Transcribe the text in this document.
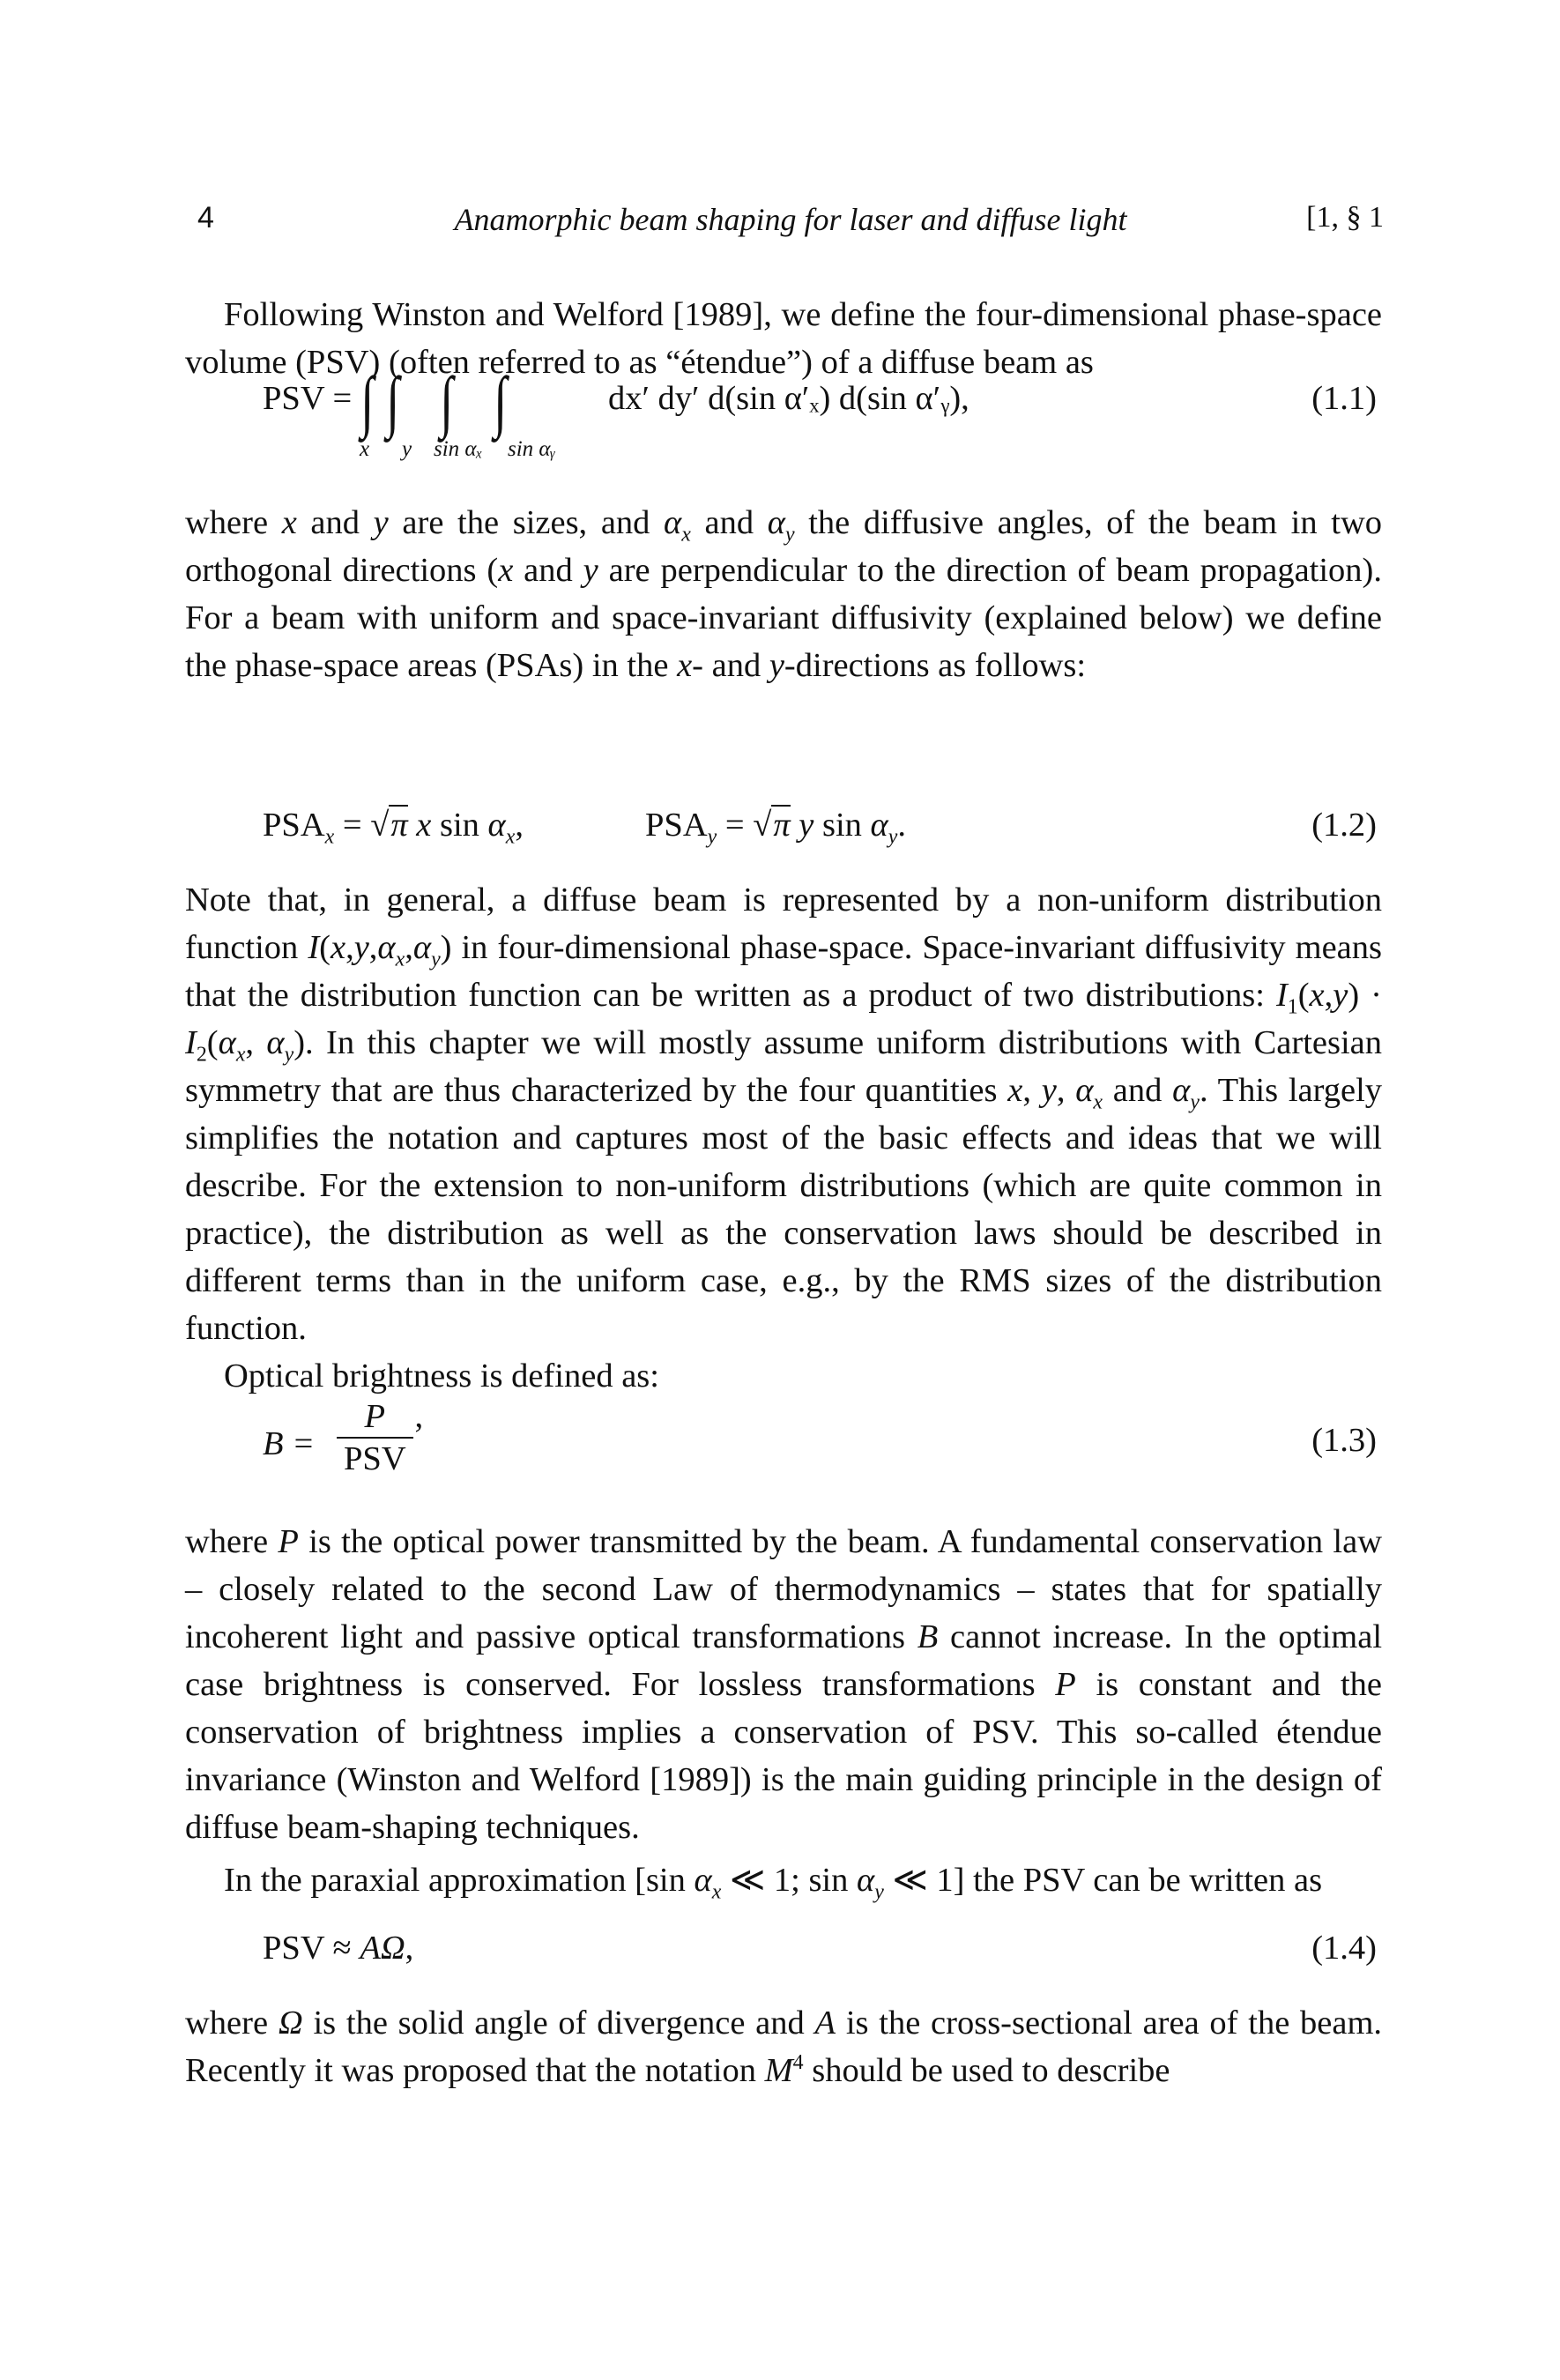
4	Anamorphic beam shaping for laser and diffuse light	[1, § 1

Following Winston and Welford [1989], we define the four-dimensional phase-space volume (PSV) (often referred to as “étendue”) of a diffuse beam as

PSV = ∫ ∫ ∫ ∫
x y sin αₓ sin αᵧ
dx′ dy′ d(sin α′ₓ) d(sin α′ᵧ),	(1.1)

where x and y are the sizes, and $\alpha_x$ and $\alpha_y$ the diffusive angles, of the beam in two orthogonal directions (x and y are perpendicular to the direction of beam propagation). For a beam with uniform and space-invariant diffusivity (explained below) we define the phase-space areas (PSAs) in the x- and y-directions as follows:

$PSA_x = √\pi$ x $\sin \alpha_x$,	$PSA_y = √\pi$ y $\sin \alpha_y$.	(1.2)

Note that, in general, a diffuse beam is represented by a non-uniform distribution function $I(x,y,\alpha_x,\alpha_y)$ in four-dimensional phase-space. Space-invariant diffusivity means that the distribution function can be written as a product of two distributions: $I_1(x,y) \cdot I_2(\alpha_x$, $\alpha_y$). In this chapter we will mostly assume uniform distributions with Cartesian symmetry that are thus characterized by the four quantities x, y, $\alpha_x$ and $\alpha_y$. This largely simplifies the notation and captures most of the basic effects and ideas that we will describe. For the extension to non-uniform distributions (which are quite common in practice), the distribution as well as the conservation laws should be described in different terms than in the uniform case, e.g., by the RMS sizes of the distribution function.

Optical brightness is defined as:

$B = \frac{P}{\text{PSV}}$ ’	(1.3)

where P is the optical power transmitted by the beam. A fundamental conservation law – closely related to the second Law of thermodynamics – states that for spatially incoherent light and passive optical transformations B cannot increase. In the optimal case brightness is conserved. For lossless transformations P is constant and the conservation of brightness implies a conservation of PSV. This so-called étendue invariance (Winston and Welford [1989]) is the main guiding principle in the design of diffuse beam-shaping techniques.

In the paraxial approximation [sin $\alpha_x$ ≪ 1; $\sin \alpha_y$ ≪ 1] the PSV can be written as

PSV ≈ AΩ,	(1.4)

where Ω is the solid angle of divergence and A is the cross-sectional area of the beam. Recently it was proposed that the notation $M^4$ should be used to describe
